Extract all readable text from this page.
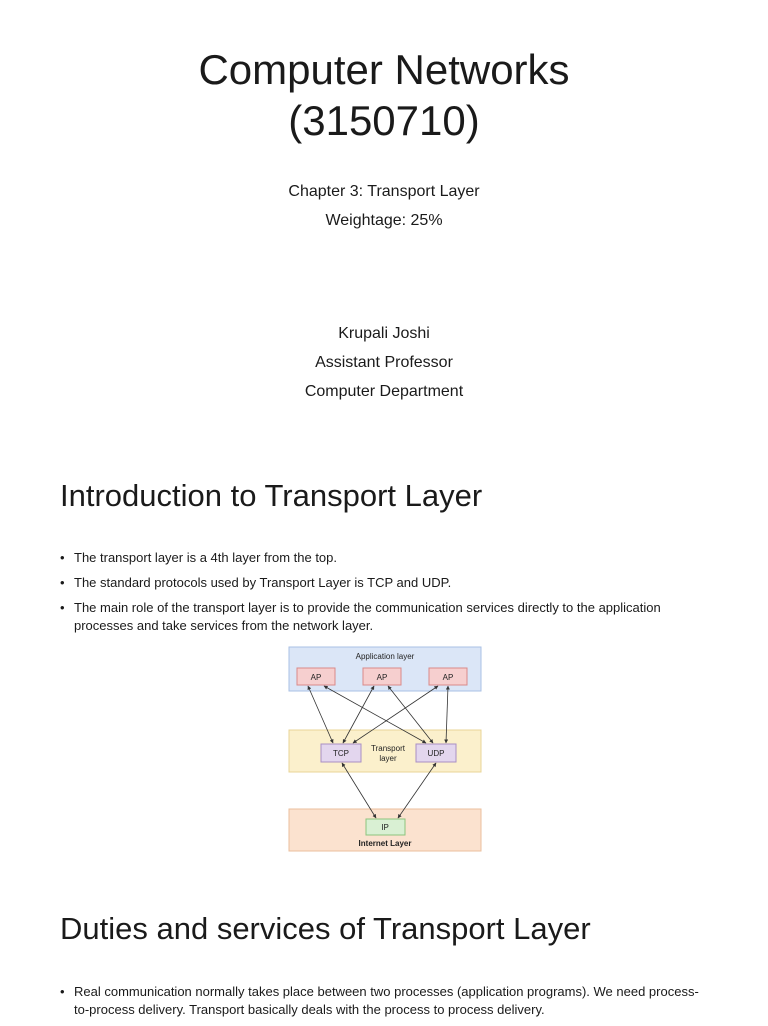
Computer Networks
(3150710)
Chapter 3: Transport Layer
Weightage: 25%
Krupali Joshi
Assistant Professor
Computer Department
Introduction to Transport Layer
• The transport layer is a 4th layer from the top.
• The standard protocols used by Transport Layer is TCP and UDP.
• The main role of the transport layer is to provide the communication services directly to the application processes and take services from the network layer.
Application layer
AP	AP	AP
TCP
Transport
layer
UDP
IP
Internet Layer
Duties and services of Transport Layer
• Real communication normally takes place between two processes (application programs). We need process-to-process delivery. Transport basically deals with the process to process delivery.
